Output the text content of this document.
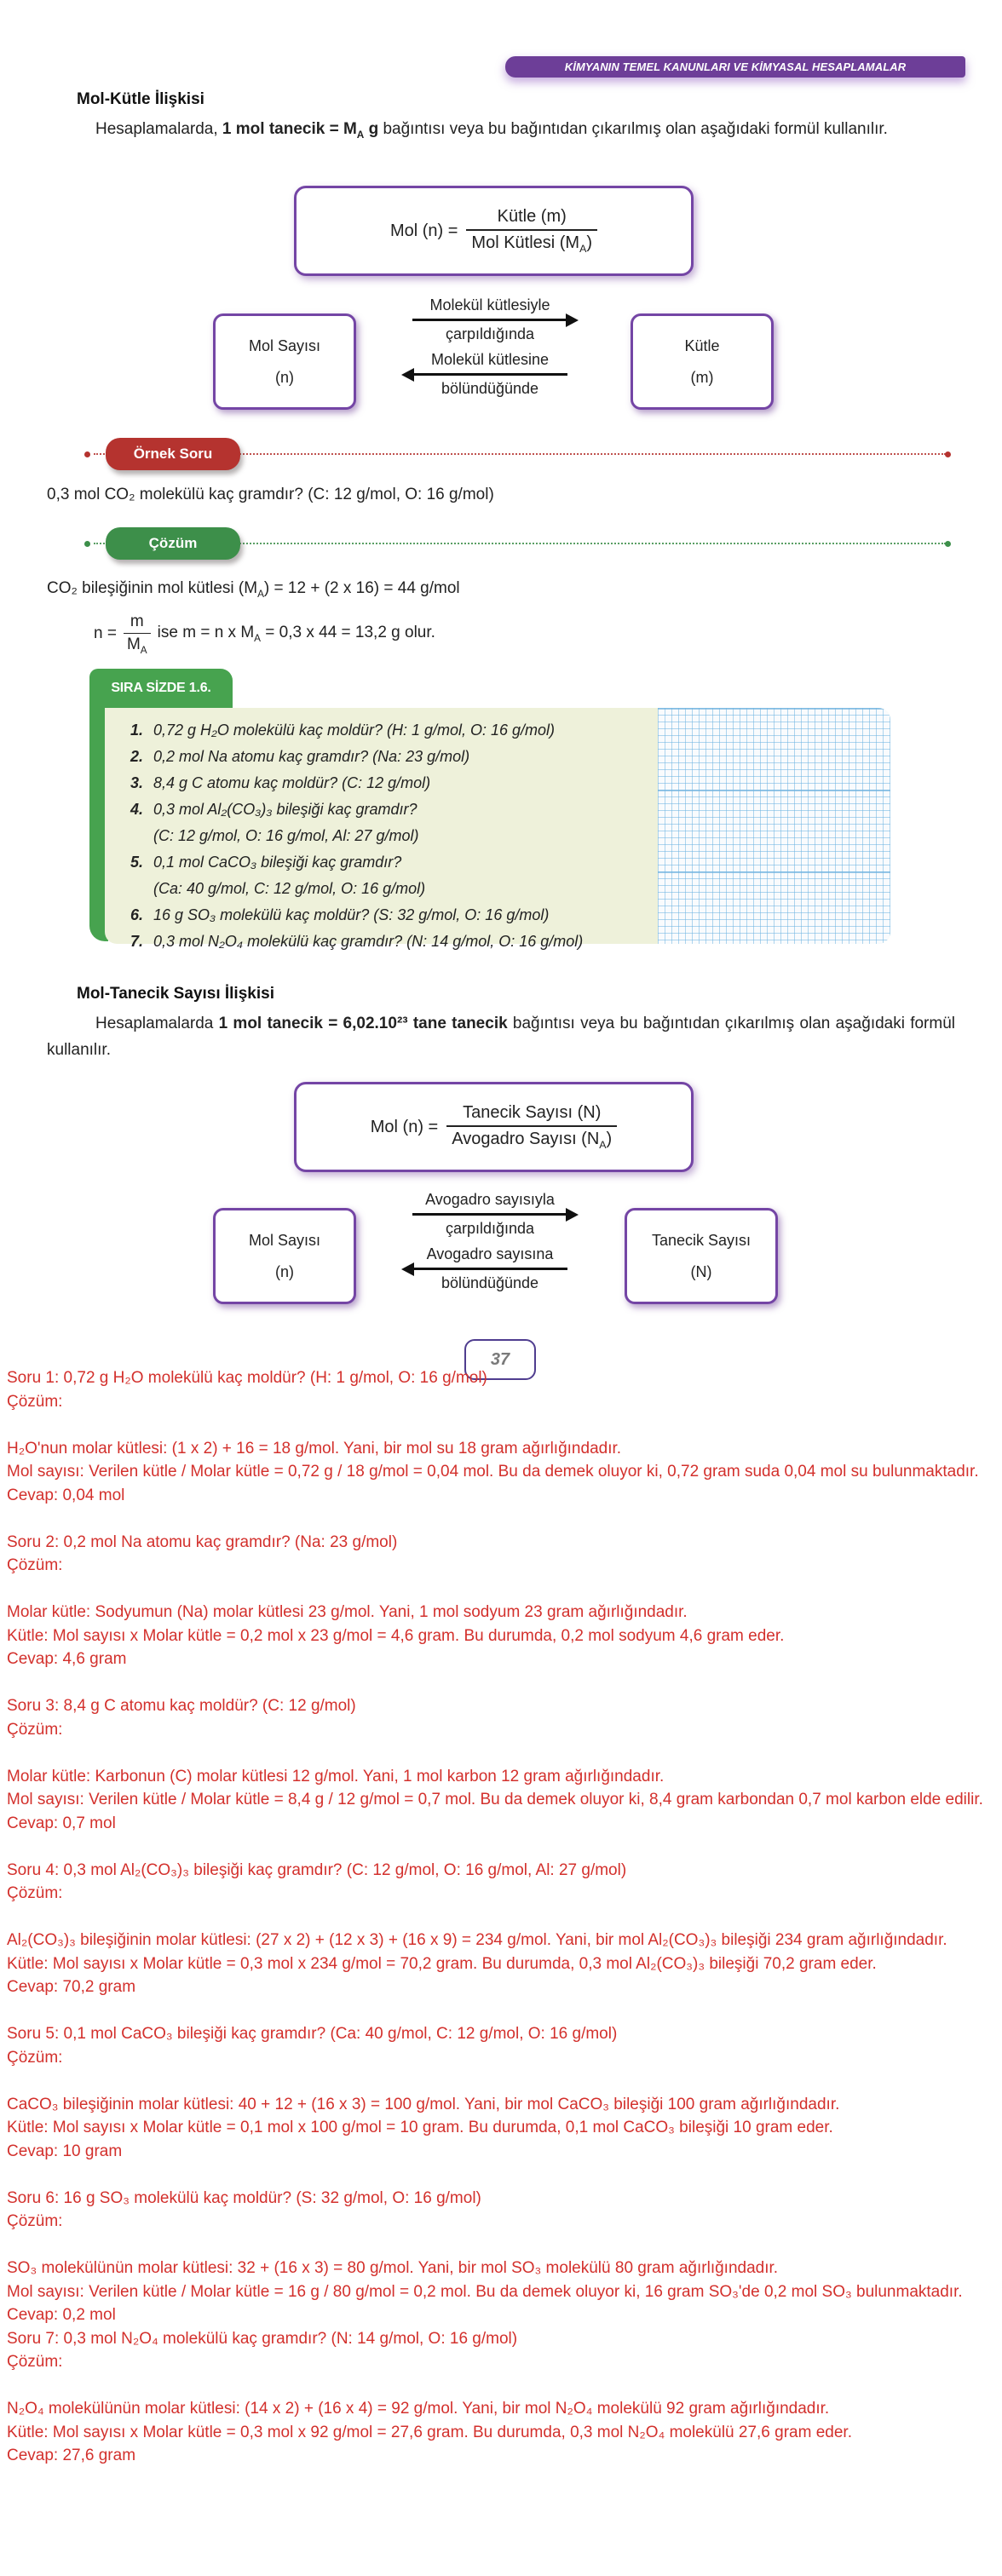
KİMYANIN TEMEL KANUNLARI VE KİMYASAL HESAPLAMALAR
Mol-Kütle İlişkisi
Hesaplamalarda, 1 mol tanecik = $M_A$ g bağıntısı veya bu bağıntıdan çıkarılmış olan aşağıdaki formül kullanılır.
Mol $(n) = \frac{\text{Kütle (m)}}{Mol Kütlesi (M_A)}$
Mol Sayısı
(n)
Molekül kütlesiyle
çarpıldığında
Molekül kütlesine
bölündüğünde
Kütle
(m)
Örnek Soru
0,3 mol CO₂ molekülü kaç gramdır? (C: 12 g/mol, O: 16 g/mol)
Çözüm
CO₂ bileşiğinin mol kütlesi $(M_A) = 12 + (2$ x 16) = 44 g/mol
$n = \frac{m}{M_A}$ ise m = n x $M_A = 0,3$ x 44 = 13,2 g olur.
1. 0,72 g H₂O molekülü kaç moldür? (H: 1 g/mol, O: 16 g/mol)
2. 0,2 mol Na atomu kaç gramdır? (Na: 23 g/mol)
3. 8,4 g C atomu kaç moldür? (C: 12 g/mol)
4. 0,3 mol Al₂(CO₃)₃ bileşiği kaç gramdır?
(C: 12 g/mol, O: 16 g/mol, Al: 27 g/mol)
5. 0,1 mol CaCO₃ bileşiği kaç gramdır?
(Ca: 40 g/mol, C: 12 g/mol, O: 16 g/mol)
6. 16 g SO₃ molekülü kaç moldür? (S: 32 g/mol, O: 16 g/mol)
7. 0,3 mol N₂O₄ molekülü kaç gramdır? (N: 14 g/mol, O: 16 g/mol)
SIRA SİZDE 1.6.
Mol-Tanecik Sayısı İlişkisi
Hesaplamalarda 1 mol tanecik = 6,02.10²³ tane tanecik bağıntısı veya bu bağıntıdan çıkarılmış olan aşağıdaki formül kullanılır.
Mol $(n) = \frac{\text{Tanecik Sayısı (N)}}{Avogadro Sayısı (N_A)}$
Mol Sayısı
(n)
Avogadro sayısıyla
çarpıldığında
Avogadro sayısına
bölündüğünde
Tanecik Sayısı
(N)
37
Soru 1: 0,72 g H₂O molekülü kaç moldür? (H: 1 g/mol, O: 16 g/mol)
Çözüm:
H₂O'nun molar kütlesi: (1 x 2) + 16 = 18 g/mol. Yani, bir mol su 18 gram ağırlığındadır.
Mol sayısı: Verilen kütle / Molar kütle = 0,72 g / 18 g/mol = 0,04 mol. Bu da demek oluyor ki, 0,72 gram suda 0,04 mol su bulunmaktadır.
Cevap: 0,04 mol
Soru 2: 0,2 mol Na atomu kaç gramdır? (Na: 23 g/mol)
Çözüm:
Molar kütle: Sodyumun (Na) molar kütlesi 23 g/mol. Yani, 1 mol sodyum 23 gram ağırlığındadır.
Kütle: Mol sayısı x Molar kütle = 0,2 mol x 23 g/mol = 4,6 gram. Bu durumda, 0,2 mol sodyum 4,6 gram eder.
Cevap: 4,6 gram
Soru 3: 8,4 g C atomu kaç moldür? (C: 12 g/mol)
Çözüm:
Molar kütle: Karbonun (C) molar kütlesi 12 g/mol. Yani, 1 mol karbon 12 gram ağırlığındadır.
Mol sayısı: Verilen kütle / Molar kütle = 8,4 g / 12 g/mol = 0,7 mol. Bu da demek oluyor ki, 8,4 gram karbondan 0,7 mol karbon elde edilir.
Cevap: 0,7 mol
Soru 4: 0,3 mol Al₂(CO₃)₃ bileşiği kaç gramdır? (C: 12 g/mol, O: 16 g/mol, Al: 27 g/mol)
Çözüm:
Al₂(CO₃)₃ bileşiğinin molar kütlesi: (27 x 2) + (12 x 3) + (16 x 9) = 234 g/mol. Yani, bir mol Al₂(CO₃)₃ bileşiği 234 gram ağırlığındadır.
Kütle: Mol sayısı x Molar kütle = 0,3 mol x 234 g/mol = 70,2 gram. Bu durumda, 0,3 mol Al₂(CO₃)₃ bileşiği 70,2 gram eder.
Cevap: 70,2 gram
Soru 5: 0,1 mol CaCO₃ bileşiği kaç gramdır? (Ca: 40 g/mol, C: 12 g/mol, O: 16 g/mol)
Çözüm:
CaCO₃ bileşiğinin molar kütlesi: 40 + 12 + (16 x 3) = 100 g/mol. Yani, bir mol CaCO₃ bileşiği 100 gram ağırlığındadır.
Kütle: Mol sayısı x Molar kütle = 0,1 mol x 100 g/mol = 10 gram. Bu durumda, 0,1 mol CaCO₃ bileşiği 10 gram eder.
Cevap: 10 gram
Soru 6: 16 g SO₃ molekülü kaç moldür? (S: 32 g/mol, O: 16 g/mol)
Çözüm:
SO₃ molekülünün molar kütlesi: 32 + (16 x 3) = 80 g/mol. Yani, bir mol SO₃ molekülü 80 gram ağırlığındadır.
Mol sayısı: Verilen kütle / Molar kütle = 16 g / 80 g/mol = 0,2 mol. Bu da demek oluyor ki, 16 gram SO₃'de 0,2 mol SO₃ bulunmaktadır.
Cevap: 0,2 mol
Soru 7: 0,3 mol N₂O₄ molekülü kaç gramdır? (N: 14 g/mol, O: 16 g/mol)
Çözüm:
N₂O₄ molekülünün molar kütlesi: (14 x 2) + (16 x 4) = 92 g/mol. Yani, bir mol N₂O₄ molekülü 92 gram ağırlığındadır.
Kütle: Mol sayısı x Molar kütle = 0,3 mol x 92 g/mol = 27,6 gram. Bu durumda, 0,3 mol N₂O₄ molekülü 27,6 gram eder.
Cevap: 27,6 gram
